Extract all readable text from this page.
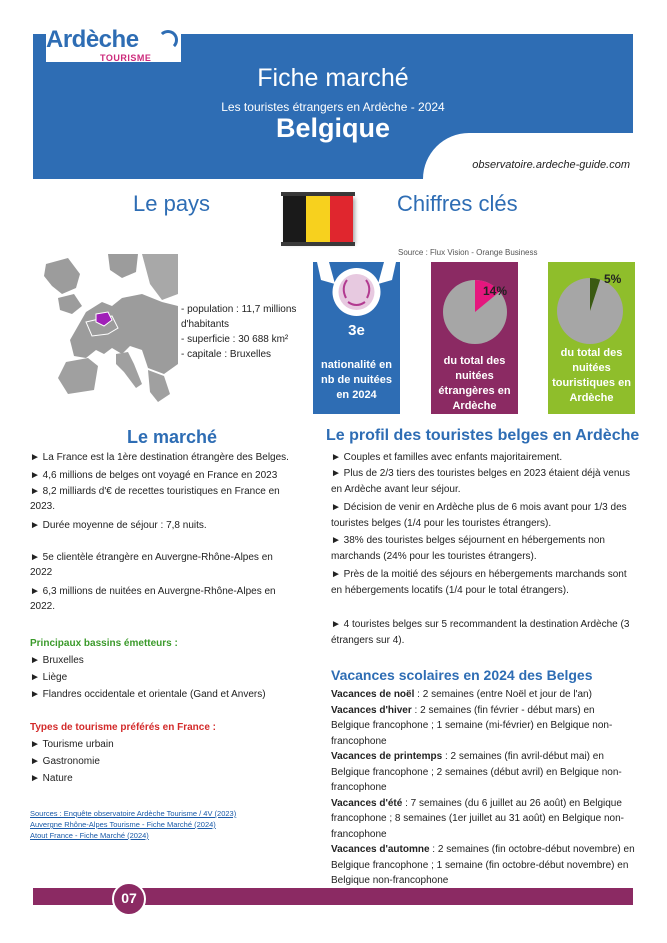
Ardèche
TOURISME
Fiche marché
Les touristes étrangers en Ardèche - 2024
Belgique
observatoire.ardeche-guide.com
Le pays	Chiffres clés
Source : Flux Vision - Orange Business
- population : 11,7 millions d'habitants
- superficie : 30 688 km²
- capitale : Bruxelles
3e
nationalité en nb de nuitées en 2024
14%
du total des nuitées étrangères en Ardèche
5%
du total des nuitées touristiques en Ardèche
Le marché
► La France est la 1ère destination étrangère des Belges.
► 4,6 millions de belges ont voyagé en France en 2023
► 8,2 milliards d'€ de recettes touristiques en France en 2023.
► Durée moyenne de séjour : 7,8 nuits.
► 5e clientèle étrangère en Auvergne-Rhône-Alpes en 2022
► 6,3 millions de nuitées en Auvergne-Rhône-Alpes en 2022.
Principaux bassins émetteurs :
► Bruxelles
► Liège
► Flandres occidentale et orientale (Gand et Anvers)
Types de tourisme préférés en France :
► Tourisme urbain
► Gastronomie
► Nature
Sources : Enquête observatoire Ardèche Tourisme / 4V (2023)
Auvergne Rhône-Alpes Tourisme - Fiche Marché (2024)
Atout France - Fiche Marché (2024)
Le profil des touristes belges en Ardèche
► Couples et familles avec enfants majoritairement.
► Plus de 2/3 tiers des touristes belges en 2023 étaient déjà venus en Ardèche avant leur séjour.
► Décision de venir en Ardèche plus de 6 mois avant pour 1/3 des touristes belges (1/4 pour les touristes étrangers).
► 38% des touristes belges séjournent en hébergements non marchands (24% pour les touristes étrangers).
► Près de la moitié des séjours en hébergements marchands sont en hébergements locatifs (1/4 pour le total étrangers).
► 4 touristes belges sur 5 recommandent la destination Ardèche (3 étrangers sur 4).
Vacances scolaires en 2024 des Belges
Vacances de noël : 2 semaines (entre Noël et jour de l'an)
Vacances d'hiver : 2 semaines (fin février - début mars) en Belgique francophone ; 1 semaine (mi-février) en Belgique non-francophone
Vacances de printemps : 2 semaines (fin avril-début mai) en Belgique francophone ; 2 semaines (début avril) en Belgique non-francophone
Vacances d'été : 7 semaines (du 6 juillet au 26 août) en Belgique francophone ; 8 semaines (1er juillet au 31 août) en Belgique non-francophone
Vacances d'automne : 2 semaines (fin octobre-début novembre) en Belgique francophone ; 1 semaine (fin octobre-début novembre) en Belgique non-francophone
07
